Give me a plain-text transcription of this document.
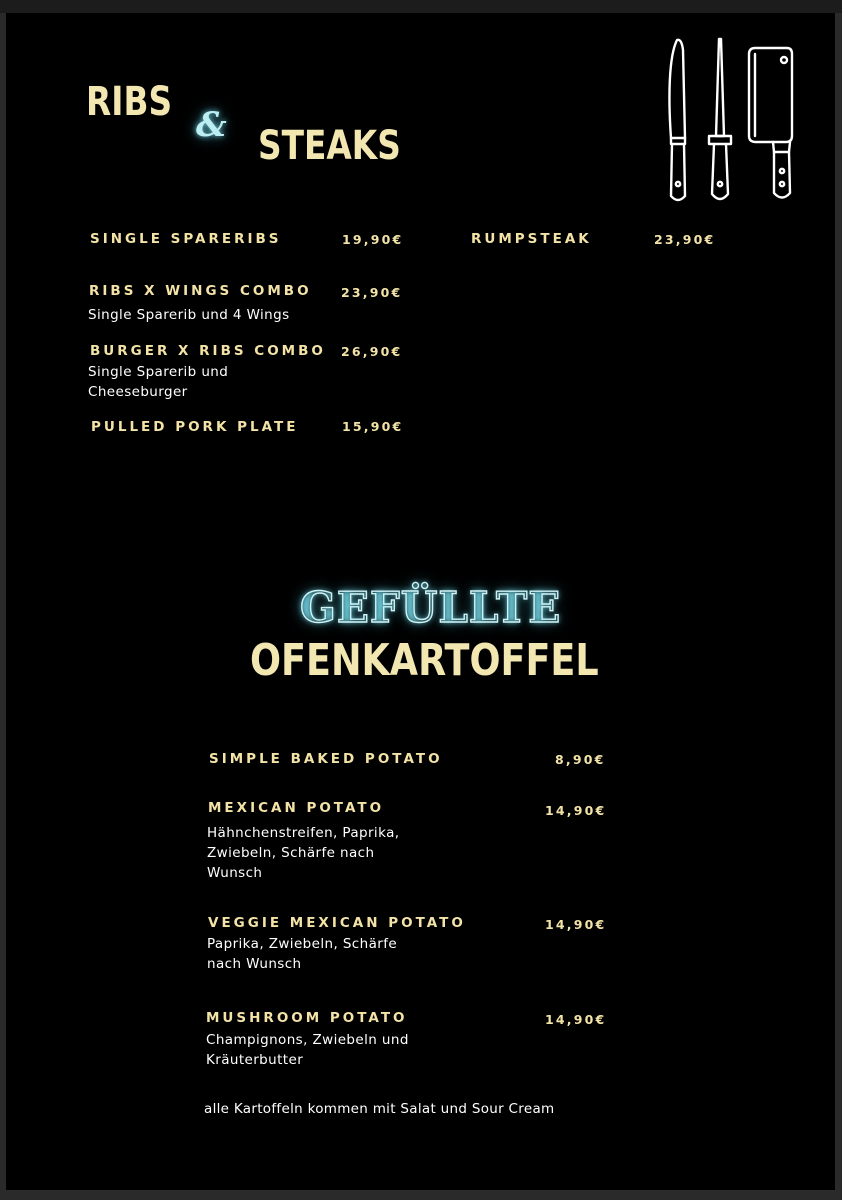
RIBS & STEAKS
SINGLE SPARERIBS	19,90€
RIBS X WINGS COMBO 23,90€
Single Sparerib und 4 Wings
BURGER X RIBS COMBO 26,90€
Single Sparerib und Cheeseburger
PULLED PORK PLATE	15,90€
RUMPSTEAK	23,90€
GEFÜLLTE
OFENKARTOFFEL
SIMPLE BAKED POTATO	8,90€
MEXICAN POTATO	14,90€
Hähnchenstreifen, Paprika, Zwiebeln, Schärfe nach Wunsch
VEGGIE MEXICAN POTATO	14,90€
Paprika, Zwiebeln, Schärfe nach Wunsch
MUSHROOM POTATO	14,90€
Champignons, Zwiebeln und Kräuterbutter
alle Kartoffeln kommen mit Salat und Sour Cream
